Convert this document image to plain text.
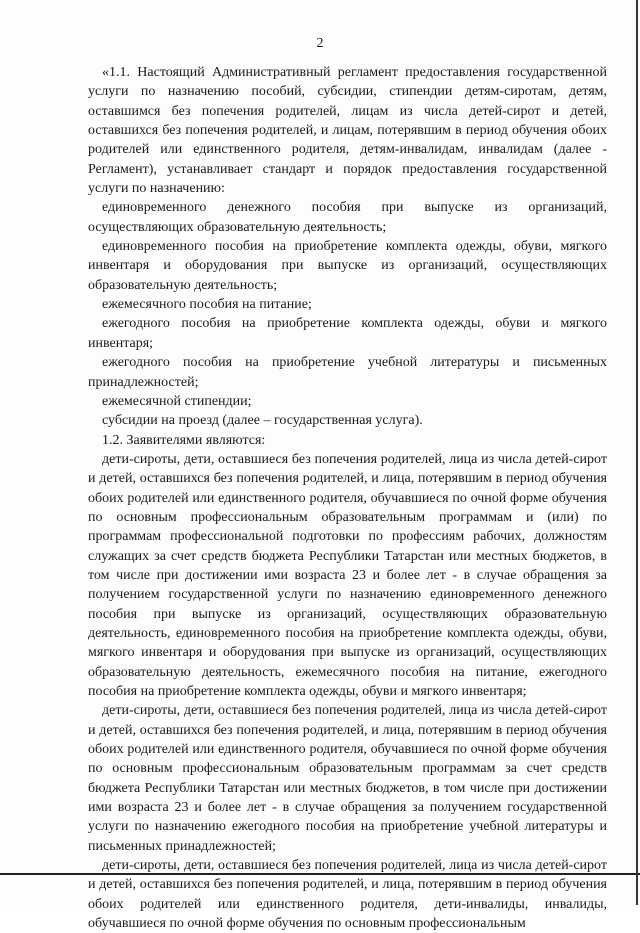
2

«1.1. Настоящий Административный регламент предоставления государственной услуги по назначению пособий, субсидии, стипендии детям-сиротам, детям, оставшимся без попечения родителей, лицам из числа детей-сирот и детей, оставшихся без попечения родителей, и лицам, потерявшим в период обучения обоих родителей или единственного родителя, детям-инвалидам, инвалидам (далее - Регламент), устанавливает стандарт и порядок предоставления государственной услуги по назначению:

единовременного денежного пособия при выпуске из организаций, осуществляющих образовательную деятельность;

единовременного пособия на приобретение комплекта одежды, обуви, мягкого инвентаря и оборудования при выпуске из организаций, осуществляющих образовательную деятельность;

ежемесячного пособия на питание;

ежегодного пособия на приобретение комплекта одежды, обуви и мягкого инвентаря;

ежегодного пособия на приобретение учебной литературы и письменных принадлежностей;

ежемесячной стипендии;

субсидии на проезд (далее – государственная услуга).

1.2. Заявителями являются:

дети-сироты, дети, оставшиеся без попечения родителей, лица из числа детей-сирот и детей, оставшихся без попечения родителей, и лица, потерявшим в период обучения обоих родителей или единственного родителя, обучавшиеся по очной форме обучения по основным профессиональным образовательным программам и (или) по программам профессиональной подготовки по профессиям рабочих, должностям служащих за счет средств бюджета Республики Татарстан или местных бюджетов, в том числе при достижении ими возраста 23 и более лет - в случае обращения за получением государственной услуги по назначению единовременного денежного пособия при выпуске из организаций, осуществляющих образовательную деятельность, единовременного пособия на приобретение комплекта одежды, обуви, мягкого инвентаря и оборудования при выпуске из организаций, осуществляющих образовательную деятельность, ежемесячного пособия на питание, ежегодного пособия на приобретение комплекта одежды, обуви и мягкого инвентаря;

дети-сироты, дети, оставшиеся без попечения родителей, лица из числа детей-сирот и детей, оставшихся без попечения родителей, и лица, потерявшим в период обучения обоих родителей или единственного родителя, обучавшиеся по очной форме обучения по основным профессиональным образовательным программам за счет средств бюджета Республики Татарстан или местных бюджетов, в том числе при достижении ими возраста 23 и более лет - в случае обращения за получением государственной услуги по назначению ежегодного пособия на приобретение учебной литературы и письменных принадлежностей;

дети-сироты, дети, оставшиеся без попечения родителей, лица из числа детей-сирот и детей, оставшихся без попечения родителей, и лица, потерявшим в период обучения обоих родителей или единственного родителя, дети-инвалиды, инвалиды, обучавшиеся по очной форме обучения по основным профессиональным
